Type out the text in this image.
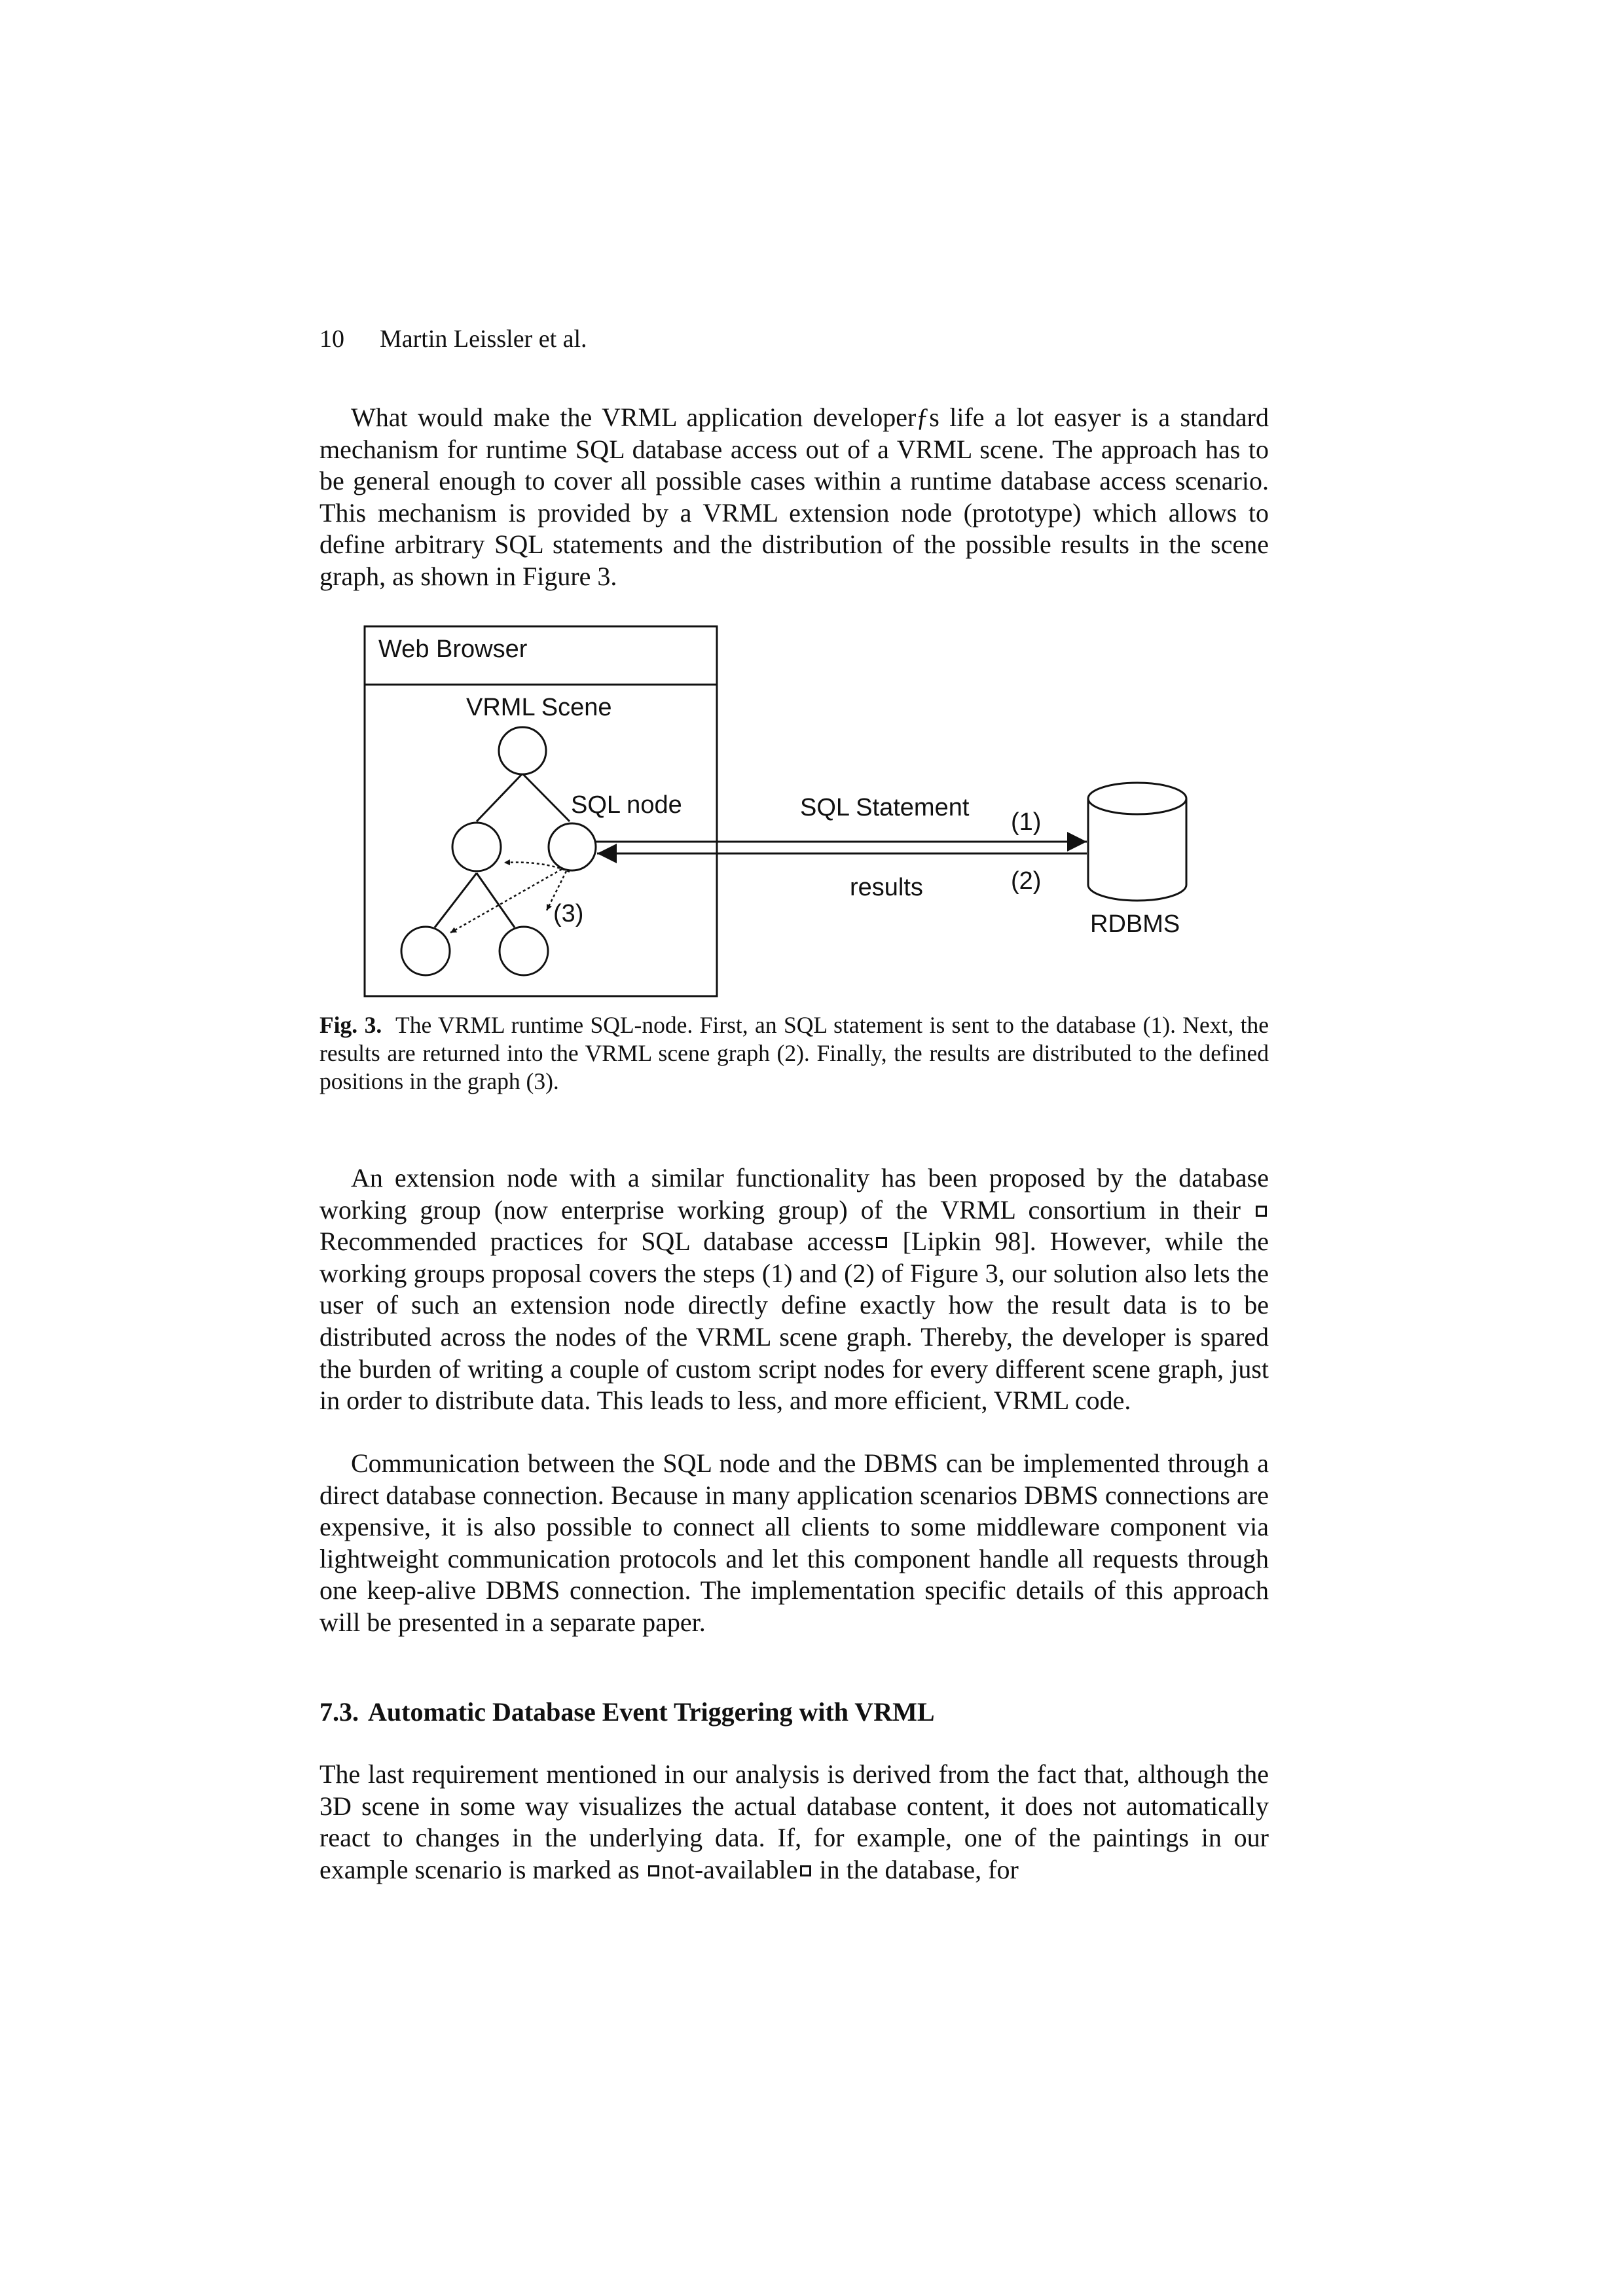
10 Martin Leissler et al.

What would make the VRML application developerƒs life a lot easyer is a standard mechanism for runtime SQL database access out of a VRML scene. The approach has to be general enough to cover all possible cases within a runtime database access scenario. This mechanism is provided by a VRML extension node (prototype) which allows to define arbitrary SQL statements and the distribution of the possible results in the scene graph, as shown in Figure 3.

Web Browser
VRML Scene
SQL node
(3)
SQL Statement
results
(1)
(2)
RDBMS

Fig. 3. The VRML runtime SQL-node. First, an SQL statement is sent to the database (1). Next, the results are returned into the VRML scene graph (2). Finally, the results are distributed to the defined positions in the graph (3).

An extension node with a similar functionality has been proposed by the database working group (now enterprise working group) of the VRML consortium in their Recommended practices for SQL database access [Lipkin 98]. However, while the working groups proposal covers the steps (1) and (2) of Figure 3, our solution also lets the user of such an extension node directly define exactly how the result data is to be distributed across the nodes of the VRML scene graph. Thereby, the developer is spared the burden of writing a couple of custom script nodes for every different scene graph, just in order to distribute data. This leads to less, and more efficient, VRML code.

Communication between the SQL node and the DBMS can be implemented through a direct database connection. Because in many application scenarios DBMS connections are expensive, it is also possible to connect all clients to some middleware component via lightweight communication protocols and let this component handle all requests through one keep-alive DBMS connection. The implementation specific details of this approach will be presented in a separate paper.

7.3. Automatic Database Event Triggering with VRML

The last requirement mentioned in our analysis is derived from the fact that, although the 3D scene in some way visualizes the actual database content, it does not automatically react to changes in the underlying data. If, for example, one of the paintings in our example scenario is marked as not-available in the database, for
